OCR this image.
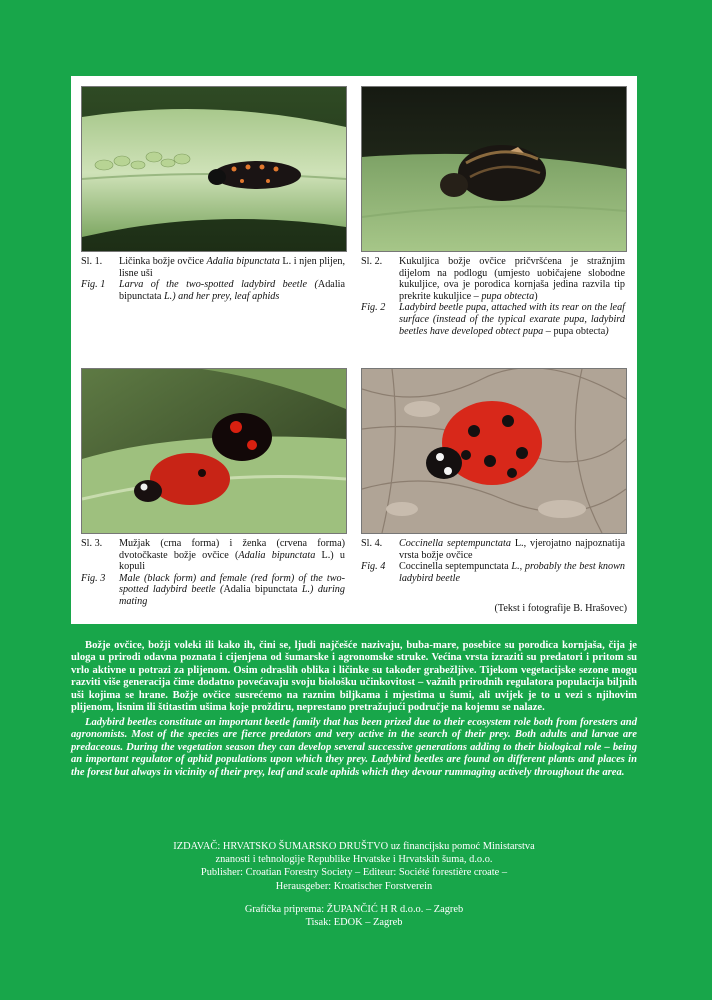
Sl. 1.	Ličinka božje ovčice Adalia bipunctata L. i njen plijen, lisne uši
Fig. 1	Larva of the two-spotted ladybird beetle (Adalia bipunctata L.) and her prey, leaf aphids
Sl. 2.	Kukuljica božje ovčice pričvršćena je stražnjim dijelom na podlogu (umjesto uobičajene slobodne kukuljice, ova je porodica kornjaša jedina razvila tip prekrite kukuljice – pupa obtecta)
Fig. 2	Ladybird beetle pupa, attached with its rear on the leaf surface (instead of the typical exarate pupa, ladybird beetles have developed obtect pupa – pupa obtecta)
Sl. 3.	Mužjak (crna forma) i ženka (crvena forma) dvotočkaste božje ovčice (Adalia bipunctata L.) u kopuli
Fig. 3	Male (black form) and female (red form) of the two-spotted ladybird beetle (Adalia bipunctata L.) during mating
Sl. 4.	Coccinella septempunctata L., vjerojatno najpoznatija vrsta božje ovčice
Fig. 4	Coccinella septempunctata L., probably the best known ladybird beetle
(Tekst i fotografije B. Hrašovec)

Božje ovčice, božji voleki ili kako ih, čini se, ljudi najčešće nazivaju, buba-mare, posebice su porodica kornjaša, čija je uloga u prirodi odavna poznata i cijenjena od šumarske i agronomske struke. Većina vrsta izraziti su predatori i pritom su vrlo aktivne u potrazi za plijenom. Osim odraslih oblika i ličinke su također grabežljive. Tijekom vegetacijske sezone mogu razviti više generacija čime dodatno povećavaju svoju biološku učinkovitost – važnih prirodnih regulatora populacija biljnih uši kojima se hrane. Božje ovčice susrećemo na raznim biljkama i mjestima u šumi, ali uvijek je to u vezi s njihovim plijenom, lisnim ili štitastim ušima koje proždiru, neprestano pretražujući područje na kojemu se nalaze.

Ladybird beetles constitute an important beetle family that has been prized due to their ecosystem role both from foresters and agronomists. Most of the species are fierce predators and very active in the search of their prey. Both adults and larvae are predaceous. During the vegetation season they can develop several successive generations adding to their biological role – being an important regulator of aphid populations upon which they prey. Ladybird beetles are found on different plants and places in the forest but always in vicinity of their prey, leaf and scale aphids which they devour rummaging actively throughout the area.

IZDAVAČ: HRVATSKO ŠUMARSKO DRUŠTVO uz financijsku pomoć Ministarstva
znanosti i tehnologije Republike Hrvatske i Hrvatskih šuma, d.o.o.
Publisher: Croatian Forestry Society – Editeur: Société forestière croate –
Herausgeber: Kroatischer Forstverein
Grafička priprema: ŽUPANČIĆ H R d.o.o. – Zagreb
Tisak: EDOK – Zagreb
